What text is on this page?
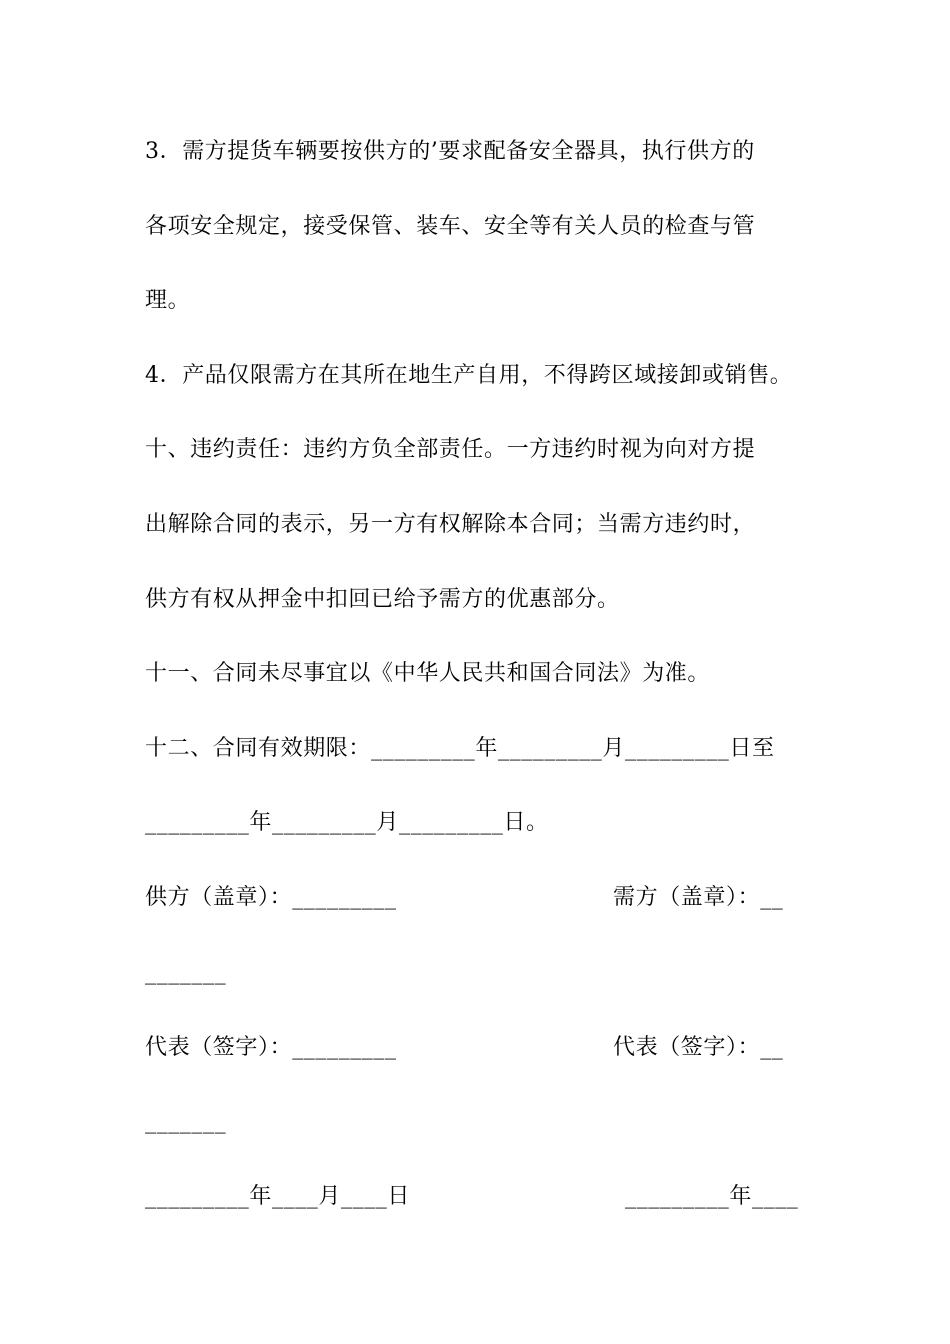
3．需方提货车辆要按供方的’要求配备安全器具，执行供方的
各项安全规定，接受保管、装车、安全等有关人员的检查与管
理。
4．产品仅限需方在其所在地生产自用，不得跨区域接卸或销售。
十、违约责任：违约方负全部责任。一方违约时视为向对方提
出解除合同的表示，另一方有权解除本合同；当需方违约时，
供方有权从押金中扣回已给予需方的优惠部分。
十一、合同未尽事宜以《中华人民共和国合同法》为准。
十二、合同有效期限：_________年_________月_________日至
_________年_________月_________日。
供方（盖章）：_________	需方（盖章）：__
_______
代表（签字）：_________	代表（签字）：__
_______
_________年____月____日	_________年____
